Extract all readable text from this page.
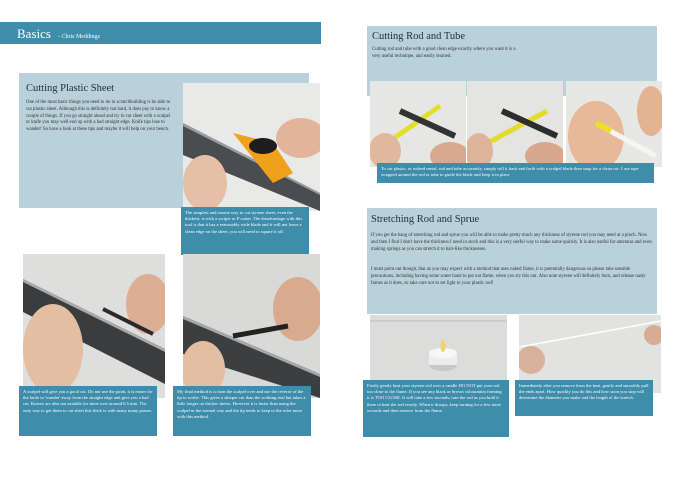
Basics - Chris Meddings
Cutting Plastic Sheet
One of the most basic things you need to do in scratchbuilding is be able to cut plastic sheet. Although this is definitely not hard, it does pay to know a couple of things. If you go straight ahead and try to cut sheet with a scalpel or knife you may well end up with a bad straight edge. Knife tips lose to wander! So have a look at these tips and maybe it will help on your bench.
The simplest and easiest way to cut styrene sheet, even the thickest, is with a scriper or P cutter. The disadvantage with this tool is that it has a reasonably wide blade and it will not leave a clean edge on the sheet, you will need to square it off.
A scalpel will give you a good cut. Do not use the point, it is easier for the knife to 'wander' away from the straight edge and give you a bad cut. Knives are also not suitable for sheet over around 0.5 mm. The only way to get them to cut sheet this thick is with many many passes.
My final method is to turn the scalpel over and use the reverse of the tip to scribe. This gives a sharper cut than the scribing tool but takes a little longer on thicker sheets. However it is faster than using the scalpel in the normal way and the tip tends to keep to the ruler more with this method.
Cutting Rod and Tube
Cutting rod and tube with a good clean edge exactly where you want it is a very useful technique, and easily learned.
To cut plastic, or indeed metal, rod and tube accurately, simply roll it back and forth with a scalpel blade then snap for a clean cut. I use tape wrapped around the rod or tube to guide the blade and keep it in place
Stretching Rod and Sprue
If you get the hang of stretching rod and sprue you will be able to make pretty much any thickness of styrene rod you may need at a pinch. Now and then I find I don't have the thickness I need in stock and this is a very useful way to make some quickly. It is also useful for antennas and even making springs as you can stretch it to hair-like thicknesses.
I must point out though, that as you may expect with a method that uses naked flame, it is potentially dangerous so please take sensible precautions, including having some water hand to put out flame, when you try this out. Also note styrene will definitely burn, and release nasty fumes as it does, so take care not to set light to your plastic rod!
Firstly gently heat your styrene rod over a candle DO NOT put your rod too close to the flame. If you see any black or brown colouration forming it is TOO CLOSE. It will take a few seconds, turn the rod as you hold it there to heat the rod evenly. When it droops, keep turning for a few more seconds and then remove from the flame.
Immediately after you remove from the heat, gently and smoothly pull the ends apart. How quickly you do this and how soon you stop will determine the diameter you make and the length of the stretch.
